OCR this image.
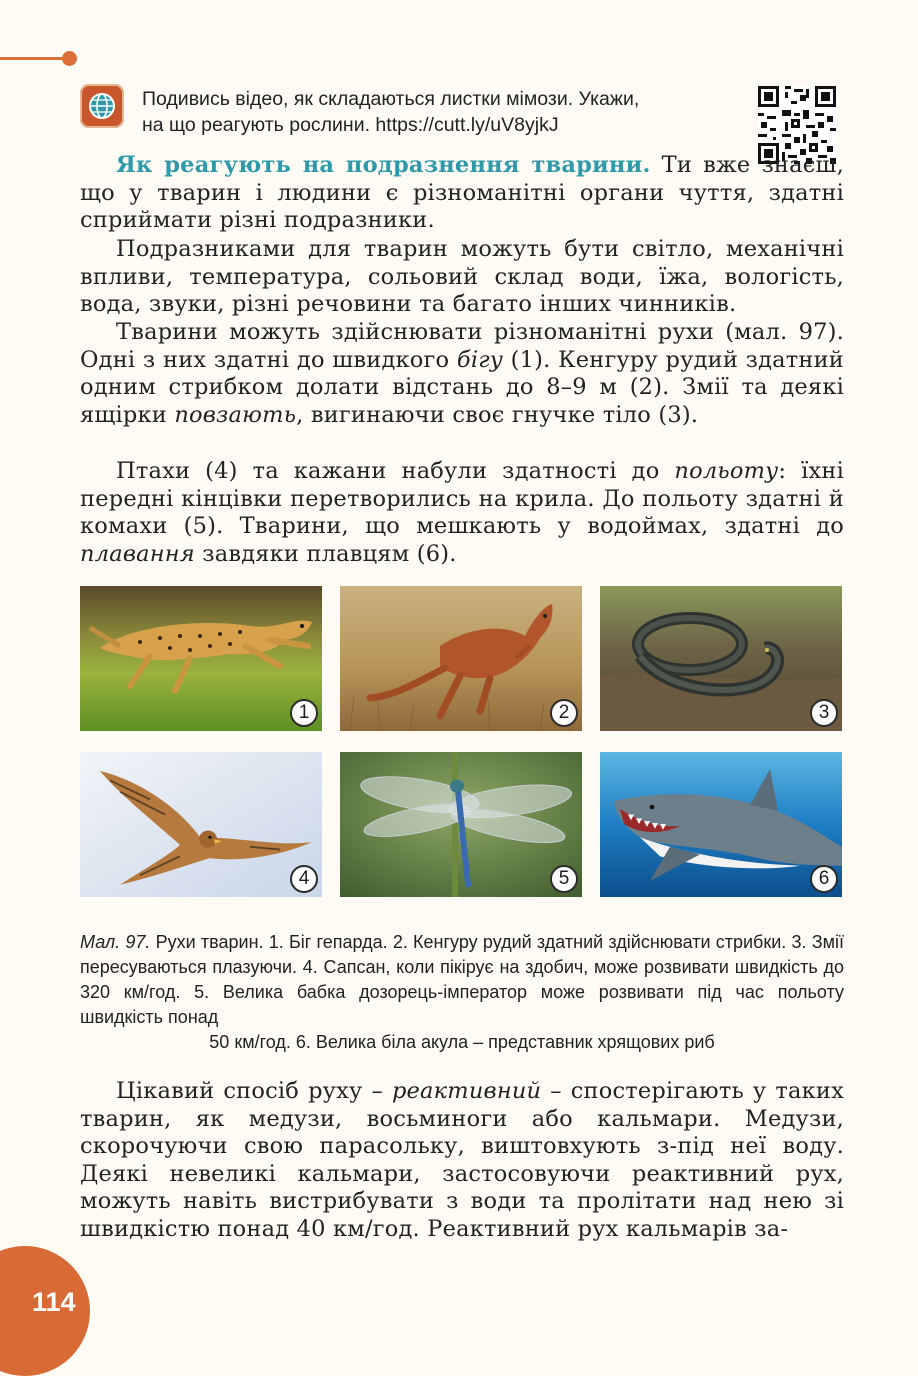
Подивись відео, як складаються листки мімози. Укажи,
на що реагують рослини. https://cutt.ly/uV8yjkJ
Як реагують на подразнення тварини. Ти вже знаєш, що у тварин і людини є різноманітні органи чуття, здатні сприймати різні подразники.
Подразниками для тварин можуть бути світло, механічні впливи, температура, сольовий склад води, їжа, вологість, вода, звуки, різні речовини та багато інших чинників.
Тварини можуть здійснювати різноманітні рухи (мал. 97). Одні з них здатні до швидкого бігу (1). Кенгуру рудий здатний одним стрибком долати відстань до 8–9 м (2). Змії та деякі ящірки повзають, вигинаючи своє гнучке тіло (3).
Птахи (4) та кажани набули здатності до польоту: їхні передні кінцівки перетворились на крила. До польоту здатні й комахи (5). Тварини, що мешкають у водоймах, здатні до плавання завдяки плавцям (6).
1	2	3
4	5	6
Мал. 97. Рухи тварин. 1. Біг гепарда. 2. Кенгуру рудий здатний здійснювати стрибки. 3. Змії пересуваються плазуючи. 4. Сапсан, коли пікірує на здобич, може розвивати швидкість до 320 км/год. 5. Велика бабка дозорець-імператор може розвивати під час польоту швидкість понад
50 км/год. 6. Велика біла акула – представник хрящових риб
Цікавий спосіб руху – реактивний – спостерігають у таких тварин, як медузи, восьминоги або кальмари. Медузи, скорочуючи свою парасольку, виштовхують з-під неї воду. Деякі невеликі кальмари, застосовуючи реактивний рух, можуть навіть вистрибувати з води та пролітати над нею зі швидкістю понад 40 км/год. Реактивний рух кальмарів за-
114
